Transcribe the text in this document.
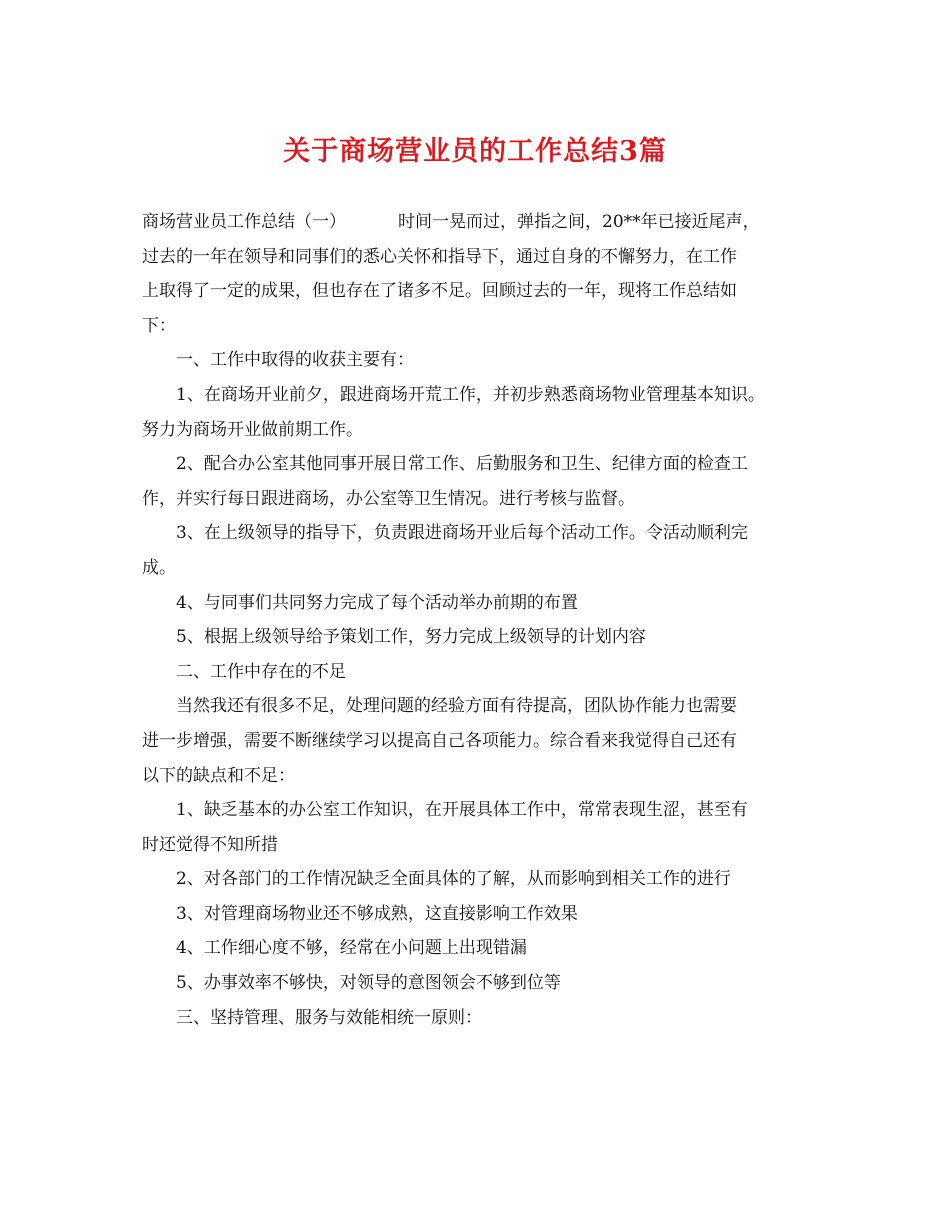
关于商场营业员的工作总结3篇
商场营业员工作总结（一）	时间一晃而过，弹指之间，20**年已接近尾声，
过去的一年在领导和同事们的悉心关怀和指导下，通过自身的不懈努力，在工作
上取得了一定的成果，但也存在了诸多不足。回顾过去的一年，现将工作总结如
下：
一、工作中取得的收获主要有：
1、在商场开业前夕，跟进商场开荒工作，并初步熟悉商场物业管理基本知识。
努力为商场开业做前期工作。
2、配合办公室其他同事开展日常工作、后勤服务和卫生、纪律方面的检查工
作，并实行每日跟进商场，办公室等卫生情况。进行考核与监督。
3、在上级领导的指导下，负责跟进商场开业后每个活动工作。令活动顺利完
成。
4、与同事们共同努力完成了每个活动举办前期的布置
5、根据上级领导给予策划工作，努力完成上级领导的计划内容
二、工作中存在的不足
当然我还有很多不足，处理问题的经验方面有待提高，团队协作能力也需要
进一步增强，需要不断继续学习以提高自己各项能力。综合看来我觉得自己还有
以下的缺点和不足：
1、缺乏基本的办公室工作知识，在开展具体工作中，常常表现生涩，甚至有
时还觉得不知所措
2、对各部门的工作情况缺乏全面具体的了解，从而影响到相关工作的进行
3、对管理商场物业还不够成熟，这直接影响工作效果
4、工作细心度不够，经常在小问题上出现错漏
5、办事效率不够快，对领导的意图领会不够到位等
三、坚持管理、服务与效能相统一原则：
